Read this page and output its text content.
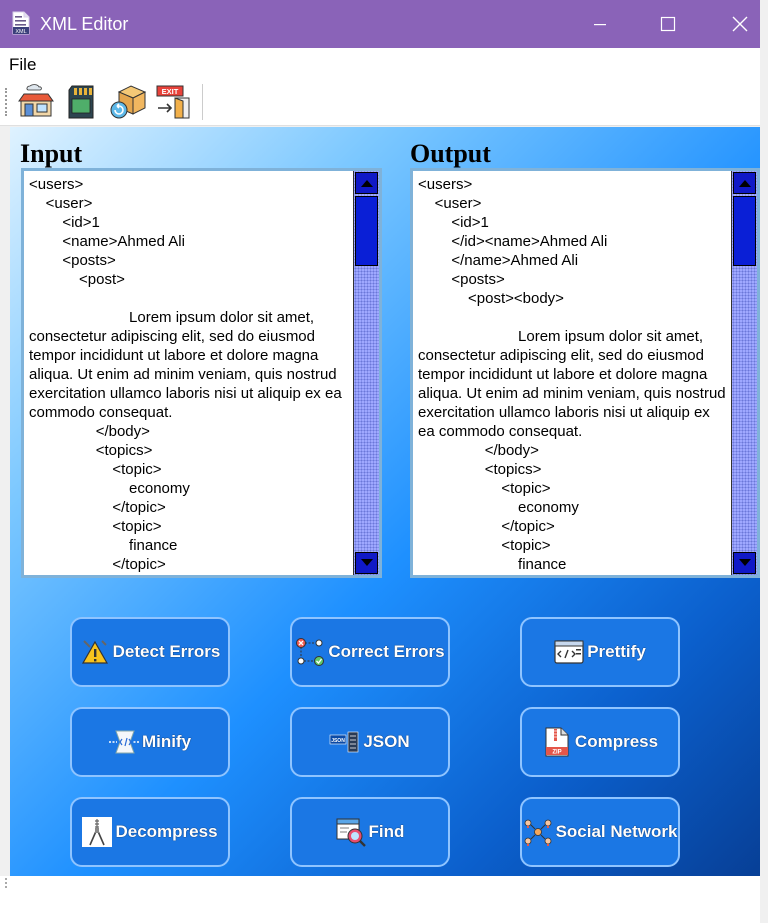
XML XML Editor
File
EXIT
Input	Output
<users>
<user>
<id>1
<name>Ahmed Ali
<posts>
<post>

Lorem ipsum dolor sit amet, consectetur adipiscing elit, sed do eiusmod tempor incididunt ut labore et dolore magna aliqua. Ut enim ad minim veniam, quis nostrud exercitation ullamco laboris nisi ut aliquip ex ea commodo consequat.
</body>
<topics>
<topic>
economy
</topic>
<topic>
finance
</topic>
<users>
<user>
<id>1
</id><name>Ahmed Ali
</name>Ahmed Ali
<posts>
<post><body>

Lorem ipsum dolor sit amet, consectetur adipiscing elit, sed do eiusmod tempor incididunt ut labore et dolore magna aliqua. Ut enim ad minim veniam, quis nostrud exercitation ullamco laboris nisi ut aliquip ex ea commodo consequat.
</body>
<topics>
<topic>
economy
</topic>
<topic>
finance
Detect Errors	Correct Errors	Prettify
Minify	JSON JSON
ZIP
Compress
Decompress	Find	Social Network
